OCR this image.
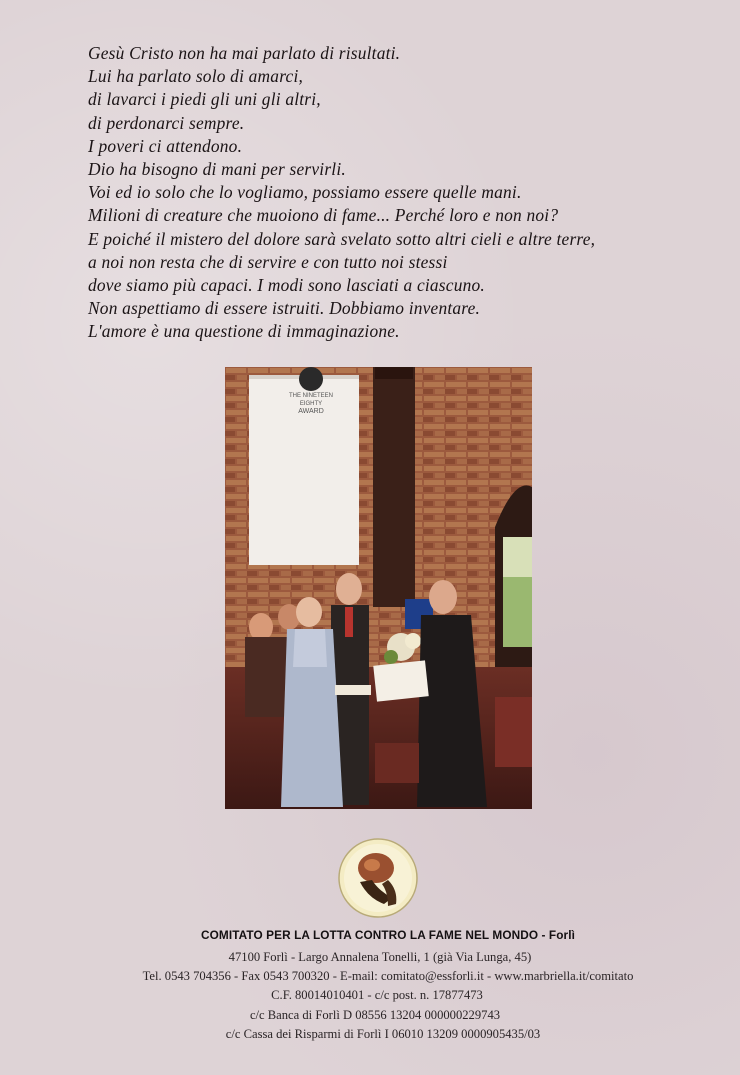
Gesù Cristo non ha mai parlato di risultati.
Lui ha parlato solo di amarci,
di lavarci i piedi gli uni gli altri,
di perdonarci sempre.
I poveri ci attendono.
Dio ha bisogno di mani per servirli.
Voi ed io solo che lo vogliamo, possiamo essere quelle mani.
Milioni di creature che muoiono di fame... Perché loro e non noi?
E poiché il mistero del dolore sarà svelato sotto altri cieli e altre terre,
a noi non resta che di servire e con tutto noi stessi
dove siamo più capaci. I modi sono lasciati a ciascuno.
Non aspettiamo di essere istruiti. Dobbiamo inventare.
L'amore è una questione di immaginazione.
THE NINETEEN
EIGHTY
AWARD
COMITATO PER LA LOTTA CONTRO LA FAME NEL MONDO - Forlì
47100 Forlì - Largo Annalena Tonelli, 1 (già Via Lunga, 45)
Tel. 0543 704356 - Fax 0543 700320 - E-mail: comitato@essforli.it - www.marbriella.it/comitato
C.F. 80014010401 - c/c post. n. 17877473
c/c Banca di Forlì D 08556 13204 000000229743
c/c Cassa dei Risparmi di Forlì I 06010 13209 0000905435/03
